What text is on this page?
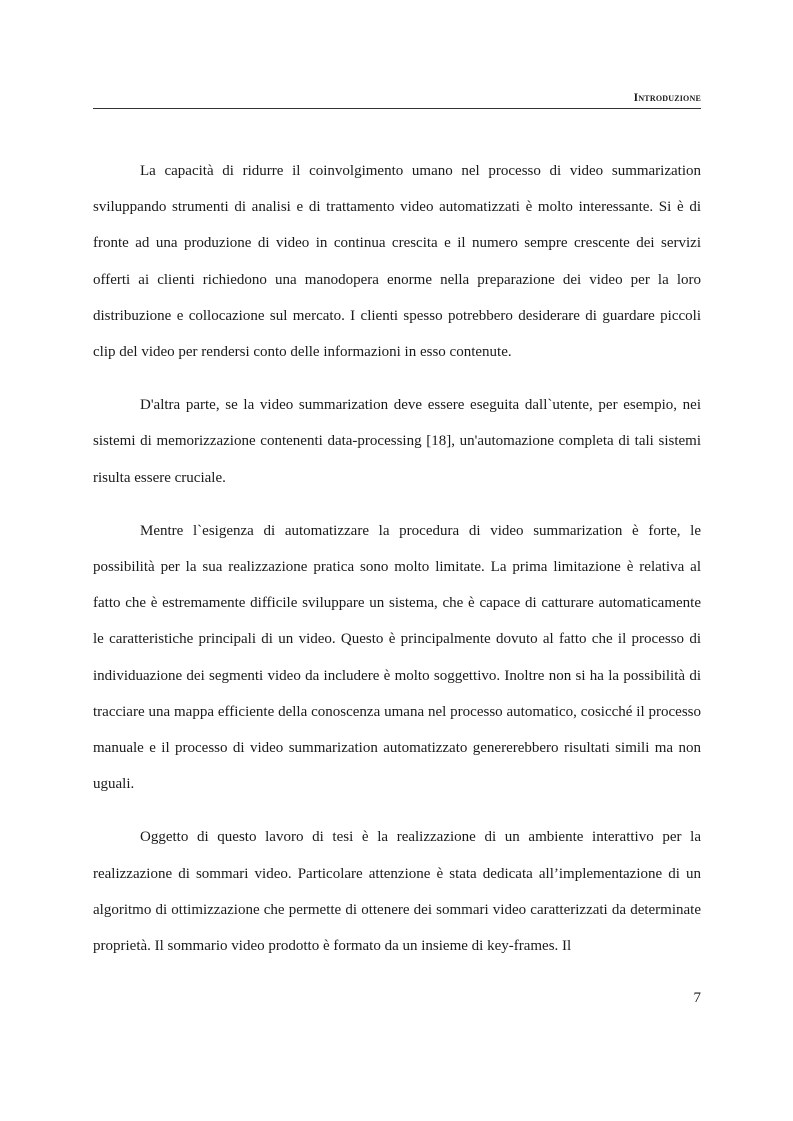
Introduzione

La capacità di ridurre il coinvolgimento umano nel processo di video summarization sviluppando strumenti di analisi e di trattamento video automatizzati è molto interessante. Si è di fronte ad una produzione di video in continua crescita e il numero sempre crescente dei servizi offerti ai clienti richiedono una manodopera enorme nella preparazione dei video per la loro distribuzione e collocazione sul mercato. I clienti spesso potrebbero desiderare di guardare piccoli clip del video per rendersi conto delle informazioni in esso contenute.

D'altra parte, se la video summarization deve essere eseguita dall`utente, per esempio, nei sistemi di memorizzazione contenenti data-processing [18], un'automazione completa di tali sistemi risulta essere cruciale.

Mentre l`esigenza di automatizzare la procedura di video summarization è forte, le possibilità per la sua realizzazione pratica sono molto limitate. La prima limitazione è relativa al fatto che è estremamente difficile sviluppare un sistema, che è capace di catturare automaticamente le caratteristiche principali di un video. Questo è principalmente dovuto al fatto che il processo di individuazione dei segmenti video da includere è molto soggettivo. Inoltre non si ha la possibilità di tracciare una mappa efficiente della conoscenza umana nel processo automatico, cosicché il processo manuale e il processo di video summarization automatizzato genererebbero risultati simili ma non uguali.

Oggetto di questo lavoro di tesi è la realizzazione di un ambiente interattivo per la realizzazione di sommari video. Particolare attenzione è stata dedicata all’implementazione di un algoritmo di ottimizzazione che permette di ottenere dei sommari video caratterizzati da determinate proprietà. Il sommario video prodotto è formato da un insieme di key-frames. Il

7
